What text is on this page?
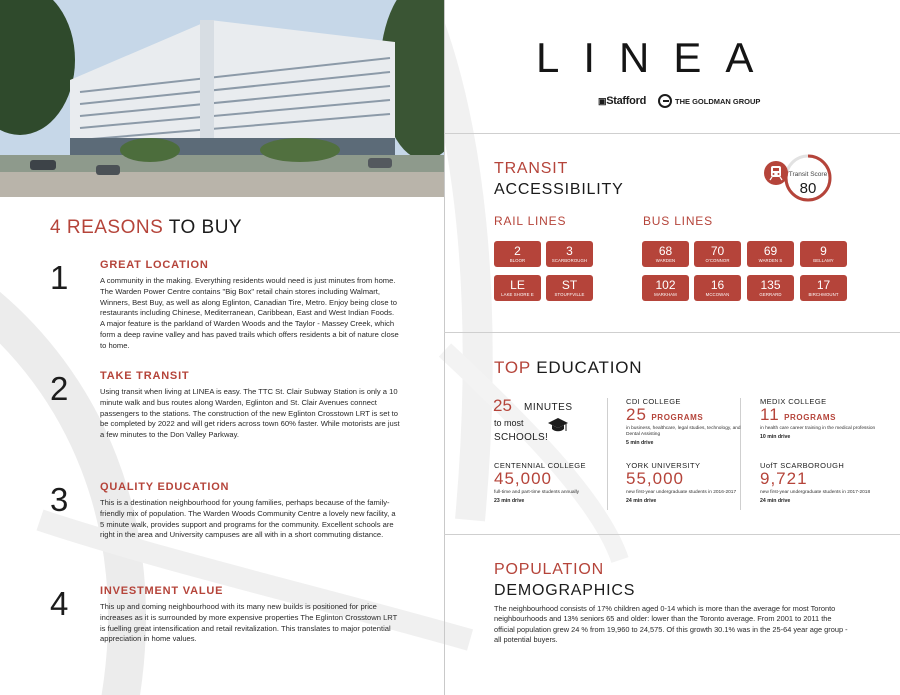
4 REASONS TO BUY
1	GREAT LOCATION
A community in the making. Everything residents would need is just minutes from home. The Warden Power Centre contains "Big Box" retail chain stores including Walmart, Winners, Best Buy, as well as along Eglinton, Canadian Tire, Metro. Enjoy being close to restaurants including Chinese, Mediterranean, Caribbean, East and West Indian Foods. A major feature is the parkland of Warden Woods and the Taylor - Massey Creek, which form a deep ravine valley and has paved trails which offers residents a bit of nature close to home.
2	TAKE TRANSIT
Using transit when living at LINEA is easy. The TTC St. Clair Subway Station is only a 10 minute walk and bus routes along Warden, Eglinton and St. Clair Avenues connect passengers to the stations. The construction of the new Eglinton Crosstown LRT is set to be completed by 2022 and will get riders across town 60% faster. While motorists are just a few minutes to the Don Valley Parkway.
3	QUALITY EDUCATION
This is a destination neighbourhood for young families, perhaps because of the family-friendly mix of population. The Warden Woods Community Centre a lovely new facility, a 5 minute walk, provides support and programs for the community. Excellent schools are right in the area and University campuses are all with in a short commuting distance.
4	INVESTMENT VALUE
This up and coming neighbourhood with its many new builds is positioned for price increases as it is surrounded by more expensive properties The Eglinton Crosstown LRT is fuelling great intensification and retail revitalization. This translates to major potential appreciation in home values.
LINEA
▣Stafford	THE GOLDMAN GROUP
TRANSIT
ACCESSIBILITY
Transit Score
80
RAIL LINES	BUS LINES
2
BLOOR
3
SCARBOROUGH
LE
LAKE SHORE E
ST
STOUFFVILLE
68
WARDEN
70
O'CONNOR
69
WARDEN S
9
BELLAMY
102
MARKHAM
16
MCCOWAN
135
GERRARD
17
BIRCHMOUNT
TOP EDUCATION
25 MINUTES
to most
SCHOOLS!
CDI COLLEGE
25 PROGRAMS
in business, healthcare, legal studies, technology, and Dental Assisting
5 min drive
MEDIX COLLEGE
11 PROGRAMS
in health care career training in the medical profession
10 min drive
CENTENNIAL COLLEGE
45,000
full-time and part-time students annually
23 min drive
YORK UNIVERSITY
55,000
new first-year undergraduate students in 2016-2017
24 min drive
UofT SCARBOROUGH
9,721
new first-year undergraduate students in 2017-2018
24 min drive
POPULATION
DEMOGRAPHICS
The neighbourhood consists of 17% children aged 0-14 which is more than the average for most Toronto neighbourhoods and 13% seniors 65 and older: lower than the Toronto average. From 2001 to 2011 the official population grew 24 % from 19,960 to 24,575. Of this growth 30.1% was in the 25-64 year age group - all potential buyers.
